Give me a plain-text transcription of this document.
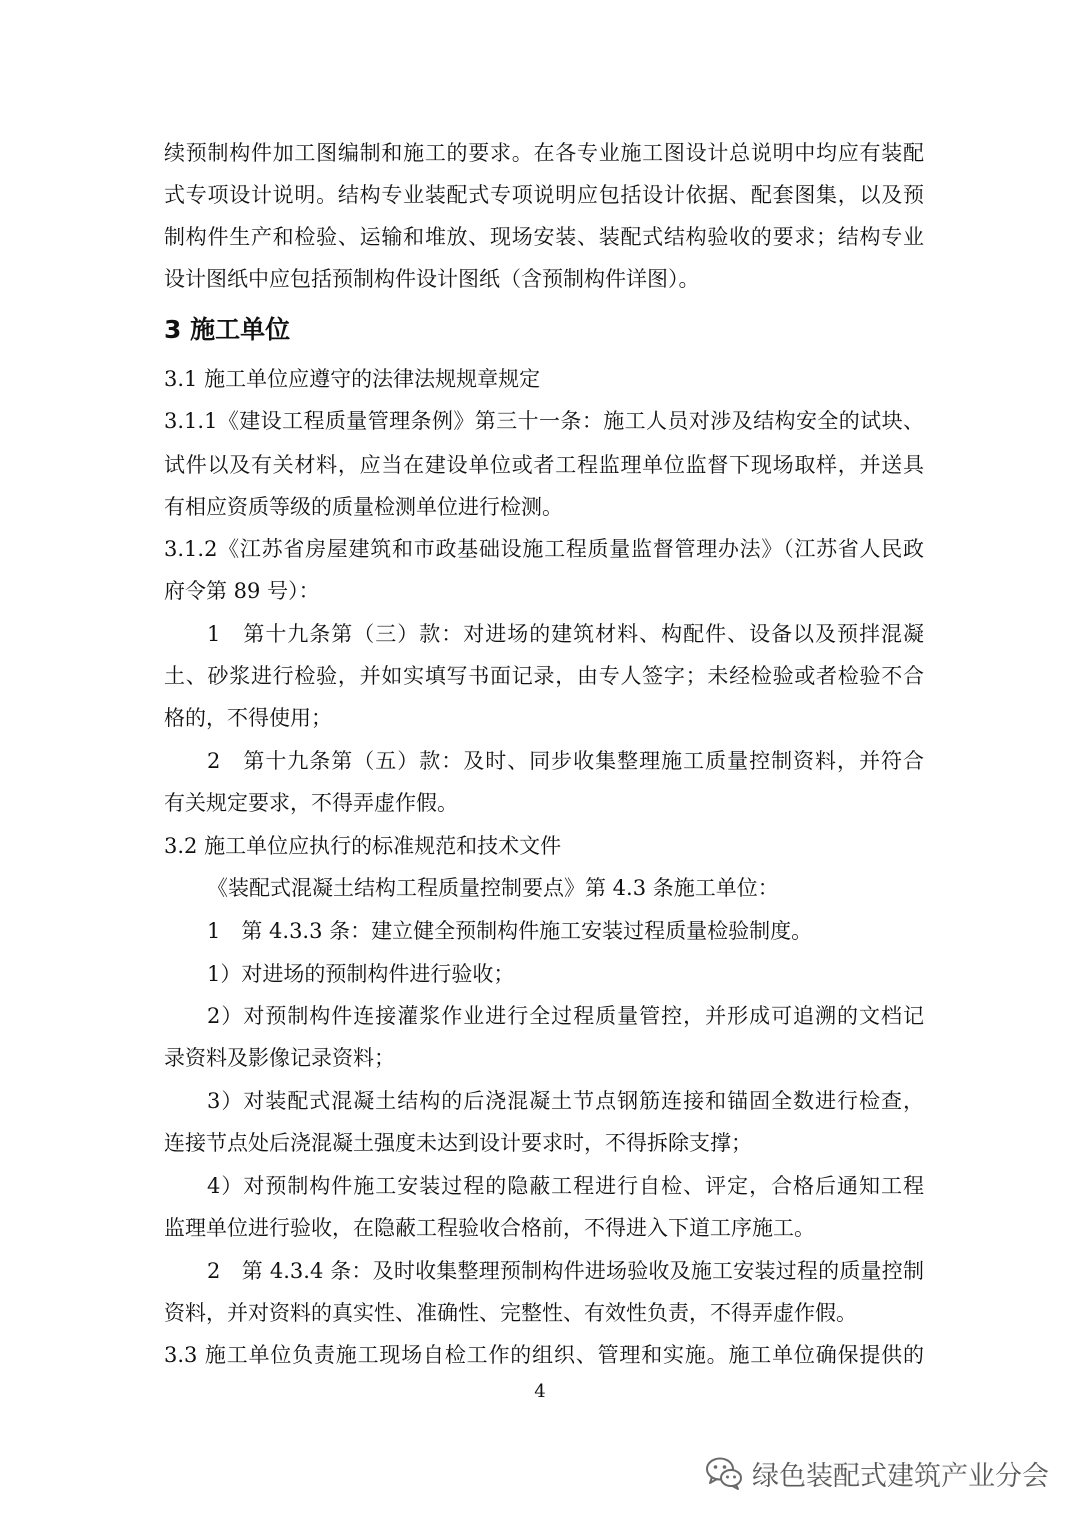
续预制构件加工图编制和施工的要求。在各专业施工图设计总说明中均应有装配
式专项设计说明。结构专业装配式专项说明应包括设计依据、配套图集，以及预
制构件生产和检验、运输和堆放、现场安装、装配式结构验收的要求；结构专业
设计图纸中应包括预制构件设计图纸（含预制构件详图）。
3 施工单位
3.1 施工单位应遵守的法律法规规章规定
3.1.1《建设工程质量管理条例》第三十一条：施工人员对涉及结构安全的试块、
试件以及有关材料，应当在建设单位或者工程监理单位监督下现场取样，并送具
有相应资质等级的质量检测单位进行检测。
3.1.2《江苏省房屋建筑和市政基础设施工程质量监督管理办法》（江苏省人民政
府令第 89 号）：
1　第十九条第（三）款：对进场的建筑材料、构配件、设备以及预拌混凝
土、砂浆进行检验，并如实填写书面记录，由专人签字；未经检验或者检验不合
格的，不得使用；
2　第十九条第（五）款：及时、同步收集整理施工质量控制资料，并符合
有关规定要求，不得弄虚作假。
3.2 施工单位应执行的标准规范和技术文件
《装配式混凝土结构工程质量控制要点》第 4.3 条施工单位：
1　第 4.3.3 条：建立健全预制构件施工安装过程质量检验制度。
1）对进场的预制构件进行验收；
2）对预制构件连接灌浆作业进行全过程质量管控，并形成可追溯的文档记
录资料及影像记录资料；
3）对装配式混凝土结构的后浇混凝土节点钢筋连接和锚固全数进行检查，
连接节点处后浇混凝土强度未达到设计要求时，不得拆除支撑；
4）对预制构件施工安装过程的隐蔽工程进行自检、评定，合格后通知工程
监理单位进行验收，在隐蔽工程验收合格前，不得进入下道工序施工。
2　第 4.3.4 条：及时收集整理预制构件进场验收及施工安装过程的质量控制
资料，并对资料的真实性、准确性、完整性、有效性负责，不得弄虚作假。
3.3 施工单位负责施工现场自检工作的组织、管理和实施。施工单位确保提供的
4
绿色装配式建筑产业分会
